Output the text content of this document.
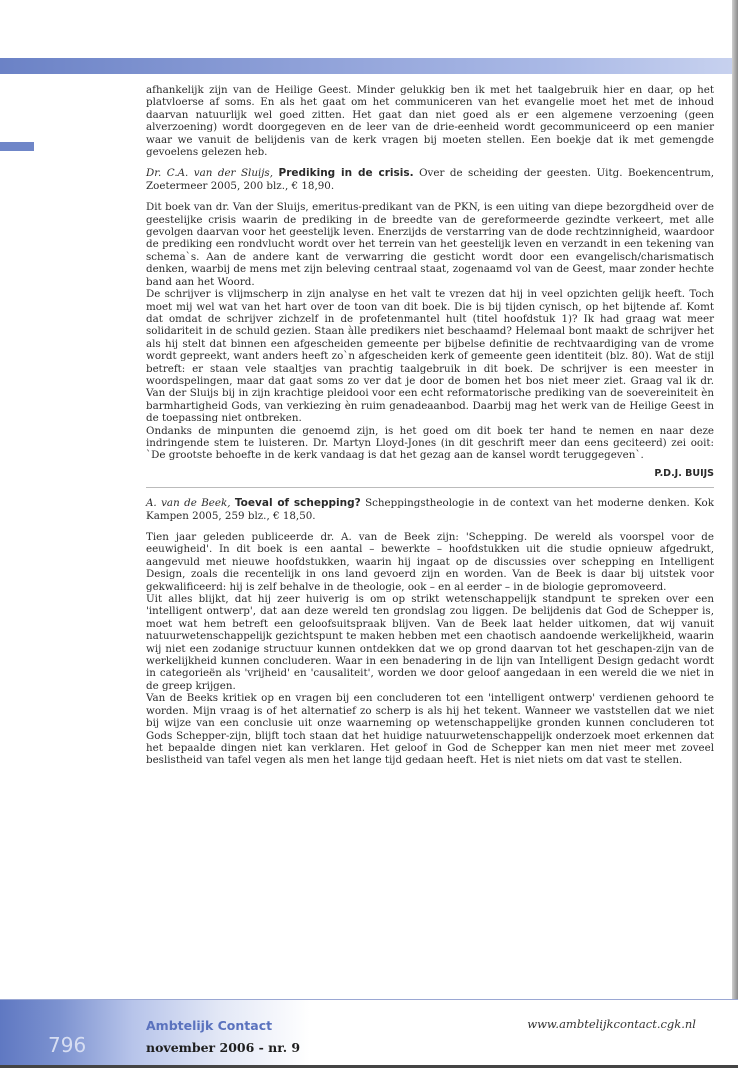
afhankelijk zijn van de Heilige Geest. Minder gelukkig ben ik met het taalgebruik hier en daar, op het platvloerse af soms. En als het gaat om het communiceren van het evangelie moet het met de inhoud daarvan natuurlijk wel goed zitten. Het gaat dan niet goed als er een algemene verzoening (geen alverzoening) wordt doorgegeven en de leer van de drie-eenheid wordt gecommuniceerd op een manier waar we vanuit de belijdenis van de kerk vragen bij moeten stellen. Een boekje dat ik met gemengde gevoelens gelezen heb.

Dr. C.A. van der Sluijs, Prediking in de crisis. Over de scheiding der geesten. Uitg. Boekencentrum, Zoetermeer 2005, 200 blz., € 18,90.

Dit boek van dr. Van der Sluijs, emeritus-predikant van de PKN, is een uiting van diepe bezorgdheid over de geestelijke crisis waarin de prediking in de breedte van de gereformeerde gezindte verkeert, met alle gevolgen daarvan voor het geestelijk leven. Enerzijds de verstarring van de dode rechtzinnigheid, waardoor de prediking een rondvlucht wordt over het terrein van het geestelijk leven en verzandt in een tekening van schema`s. Aan de andere kant de verwarring die gesticht wordt door een evangelisch/charismatisch denken, waarbij de mens met zijn beleving centraal staat, zogenaamd vol van de Geest, maar zonder hechte band aan het Woord.

De schrijver is vlijmscherp in zijn analyse en het valt te vrezen dat hij in veel opzichten gelijk heeft. Toch moet mij wel wat van het hart over de toon van dit boek. Die is bij tijden cynisch, op het bijtende af. Komt dat omdat de schrijver zichzelf in de profetenmantel hult (titel hoofdstuk 1)? Ik had graag wat meer solidariteit in de schuld gezien. Staan àlle predikers niet beschaamd? Helemaal bont maakt de schrijver het als hij stelt dat binnen een afgescheiden gemeente per bijbelse definitie de rechtvaardiging van de vrome wordt gepreekt, want anders heeft zo`n afgescheiden kerk of gemeente geen identiteit (blz. 80). Wat de stijl betreft: er staan vele staaltjes van prachtig taalgebruik in dit boek. De schrijver is een meester in woordspelingen, maar dat gaat soms zo ver dat je door de bomen het bos niet meer ziet. Graag val ik dr. Van der Sluijs bij in zijn krachtige pleidooi voor een echt reformatorische prediking van de soevereiniteit èn barmhartigheid Gods, van verkiezing èn ruim genadeaanbod. Daarbij mag het werk van de Heilige Geest in de toepassing niet ontbreken.

Ondanks de minpunten die genoemd zijn, is het goed om dit boek ter hand te nemen en naar deze indringende stem te luisteren. Dr. Martyn Lloyd-Jones (in dit geschrift meer dan eens geciteerd) zei ooit: `De grootste behoefte in de kerk vandaag is dat het gezag aan de kansel wordt teruggegeven`.

P.D.J. BUIJS

A. van de Beek, Toeval of schepping? Scheppingstheologie in de context van het moderne denken. Kok Kampen 2005, 259 blz., € 18,50.

Tien jaar geleden publiceerde dr. A. van de Beek zijn: 'Schepping. De wereld als voorspel voor de eeuwigheid'. In dit boek is een aantal – bewerkte – hoofdstukken uit die studie opnieuw afgedrukt, aangevuld met nieuwe hoofdstukken, waarin hij ingaat op de discussies over schepping en Intelligent Design, zoals die recentelijk in ons land gevoerd zijn en worden. Van de Beek is daar bij uitstek voor gekwalificeerd: hij is zelf behalve in de theologie, ook – en al eerder – in de biologie gepromoveerd.

Uit alles blijkt, dat hij zeer huiverig is om op strikt wetenschappelijk standpunt te spreken over een 'intelligent ontwerp', dat aan deze wereld ten grondslag zou liggen. De belijdenis dat God de Schepper is, moet wat hem betreft een geloofsuitspraak blijven. Van de Beek laat helder uitkomen, dat wij vanuit natuurwetenschappelijk gezichtspunt te maken hebben met een chaotisch aandoende werkelijkheid, waarin wij niet een zodanige structuur kunnen ontdekken dat we op grond daarvan tot het geschapen-zijn van de werkelijkheid kunnen concluderen. Waar in een benadering in de lijn van Intelligent Design gedacht wordt in categorieën als 'vrijheid' en 'causaliteit', worden we door geloof aangedaan in een wereld die we niet in de greep krijgen.

Van de Beeks kritiek op en vragen bij een concluderen tot een 'intelligent ontwerp' verdienen gehoord te worden. Mijn vraag is of het alternatief zo scherp is als hij het tekent. Wanneer we vaststellen dat we niet bij wijze van een conclusie uit onze waarneming op wetenschappelijke gronden kunnen concluderen tot Gods Schepper-zijn, blijft toch staan dat het huidige natuurwetenschappelijk onderzoek moet erkennen dat het bepaalde dingen niet kan verklaren. Het geloof in God de Schepper kan men niet meer met zoveel beslistheid van tafel vegen als men het lange tijd gedaan heeft. Het is niet niets om dat vast te stellen.

796
Ambtelijk Contact
november 2006 - nr. 9
www.ambtelijkcontact.cgk.nl
